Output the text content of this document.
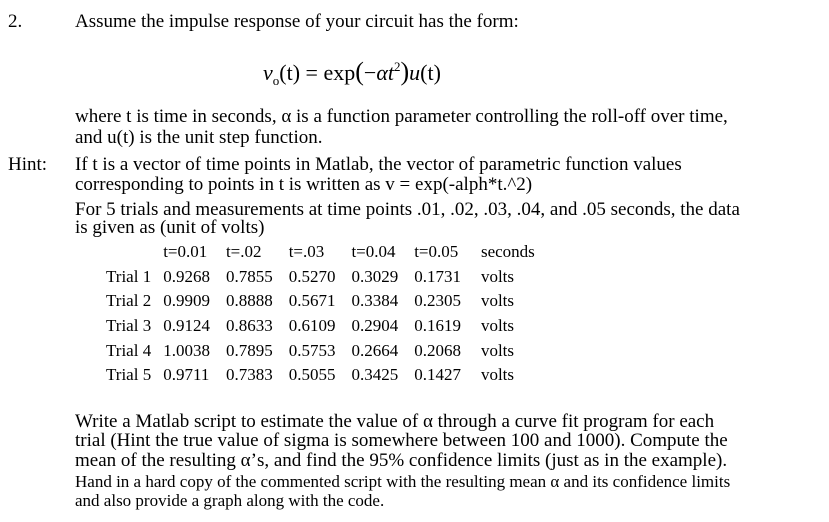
2.	Assume the impulse response of your circuit has the form:
$v_o(t) = \exp(-\alpha t^2)u(t)$
where t is time in seconds, α is a function parameter controlling the roll-off over time,
and u(t) is the unit step function.
Hint: If t is a vector of time points in Matlab, the vector of parametric function values
corresponding to points in t is written as v = exp(-alph*t.^2)
For 5 trials and measurements at time points .01, .02, .03, .04, and .05 seconds, the data
is given as (unit of volts)
	t=0.01	t=.02	t=.03	t=0.04	t=0.05	seconds
Trial 1	0.9268	0.7855	0.5270	0.3029	0.1731	volts
Trial 2	0.9909	0.8888	0.5671	0.3384	0.2305	volts
Trial 3	0.9124	0.8633	0.6109	0.2904	0.1619	volts
Trial 4	1.0038	0.7895	0.5753	0.2664	0.2068	volts
Trial 5	0.9711	0.7383	0.5055	0.3425	0.1427	volts
Write a Matlab script to estimate the value of α through a curve fit program for each
trial (Hint the true value of sigma is somewhere between 100 and 1000). Compute the
mean of the resulting α’s, and find the 95% confidence limits (just as in the example).
Hand in a hard copy of the commented script with the resulting mean α and its confidence limits
and also provide a graph along with the code.
